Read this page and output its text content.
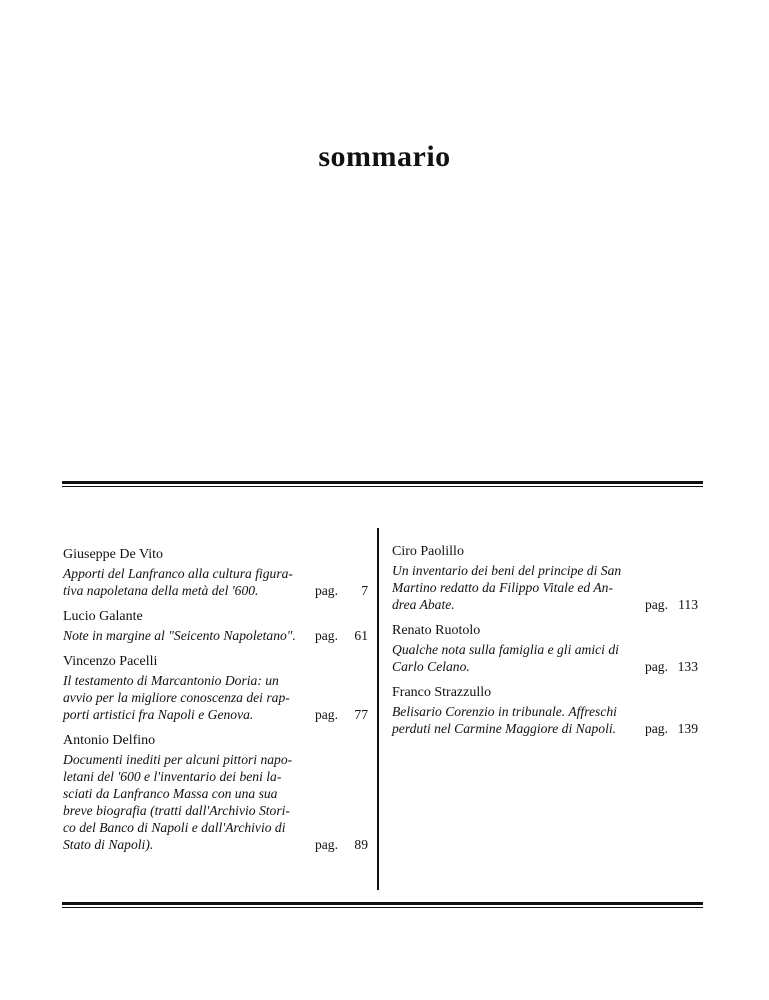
sommario
Giuseppe De Vito
Apporti del Lanfranco alla cultura figura-
tiva napoletana della metà del '600.	pag. 7
Lucio Galante
Note in margine al "Seicento Napoletano". pag. 61
Vincenzo Pacelli
Il testamento di Marcantonio Doria: un
avvio per la migliore conoscenza dei rap-
porti artistici fra Napoli e Genova.	pag. 77
Antonio Delfino
Documenti inediti per alcuni pittori napo-
letani del '600 e l'inventario dei beni la-
sciati da Lanfranco Massa con una sua
breve biografia (tratti dall'Archivio Stori-
co del Banco di Napoli e dall'Archivio di
Stato di Napoli).	pag. 89
Ciro Paolillo
Un inventario dei beni del principe di San
Martino redatto da Filippo Vitale ed An-
drea Abate.	pag. 113
Renato Ruotolo
Qualche nota sulla famiglia e gli amici di
Carlo Celano.	pag. 133
Franco Strazzullo
Belisario Corenzio in tribunale. Affreschi
perduti nel Carmine Maggiore di Napoli. pag. 139
